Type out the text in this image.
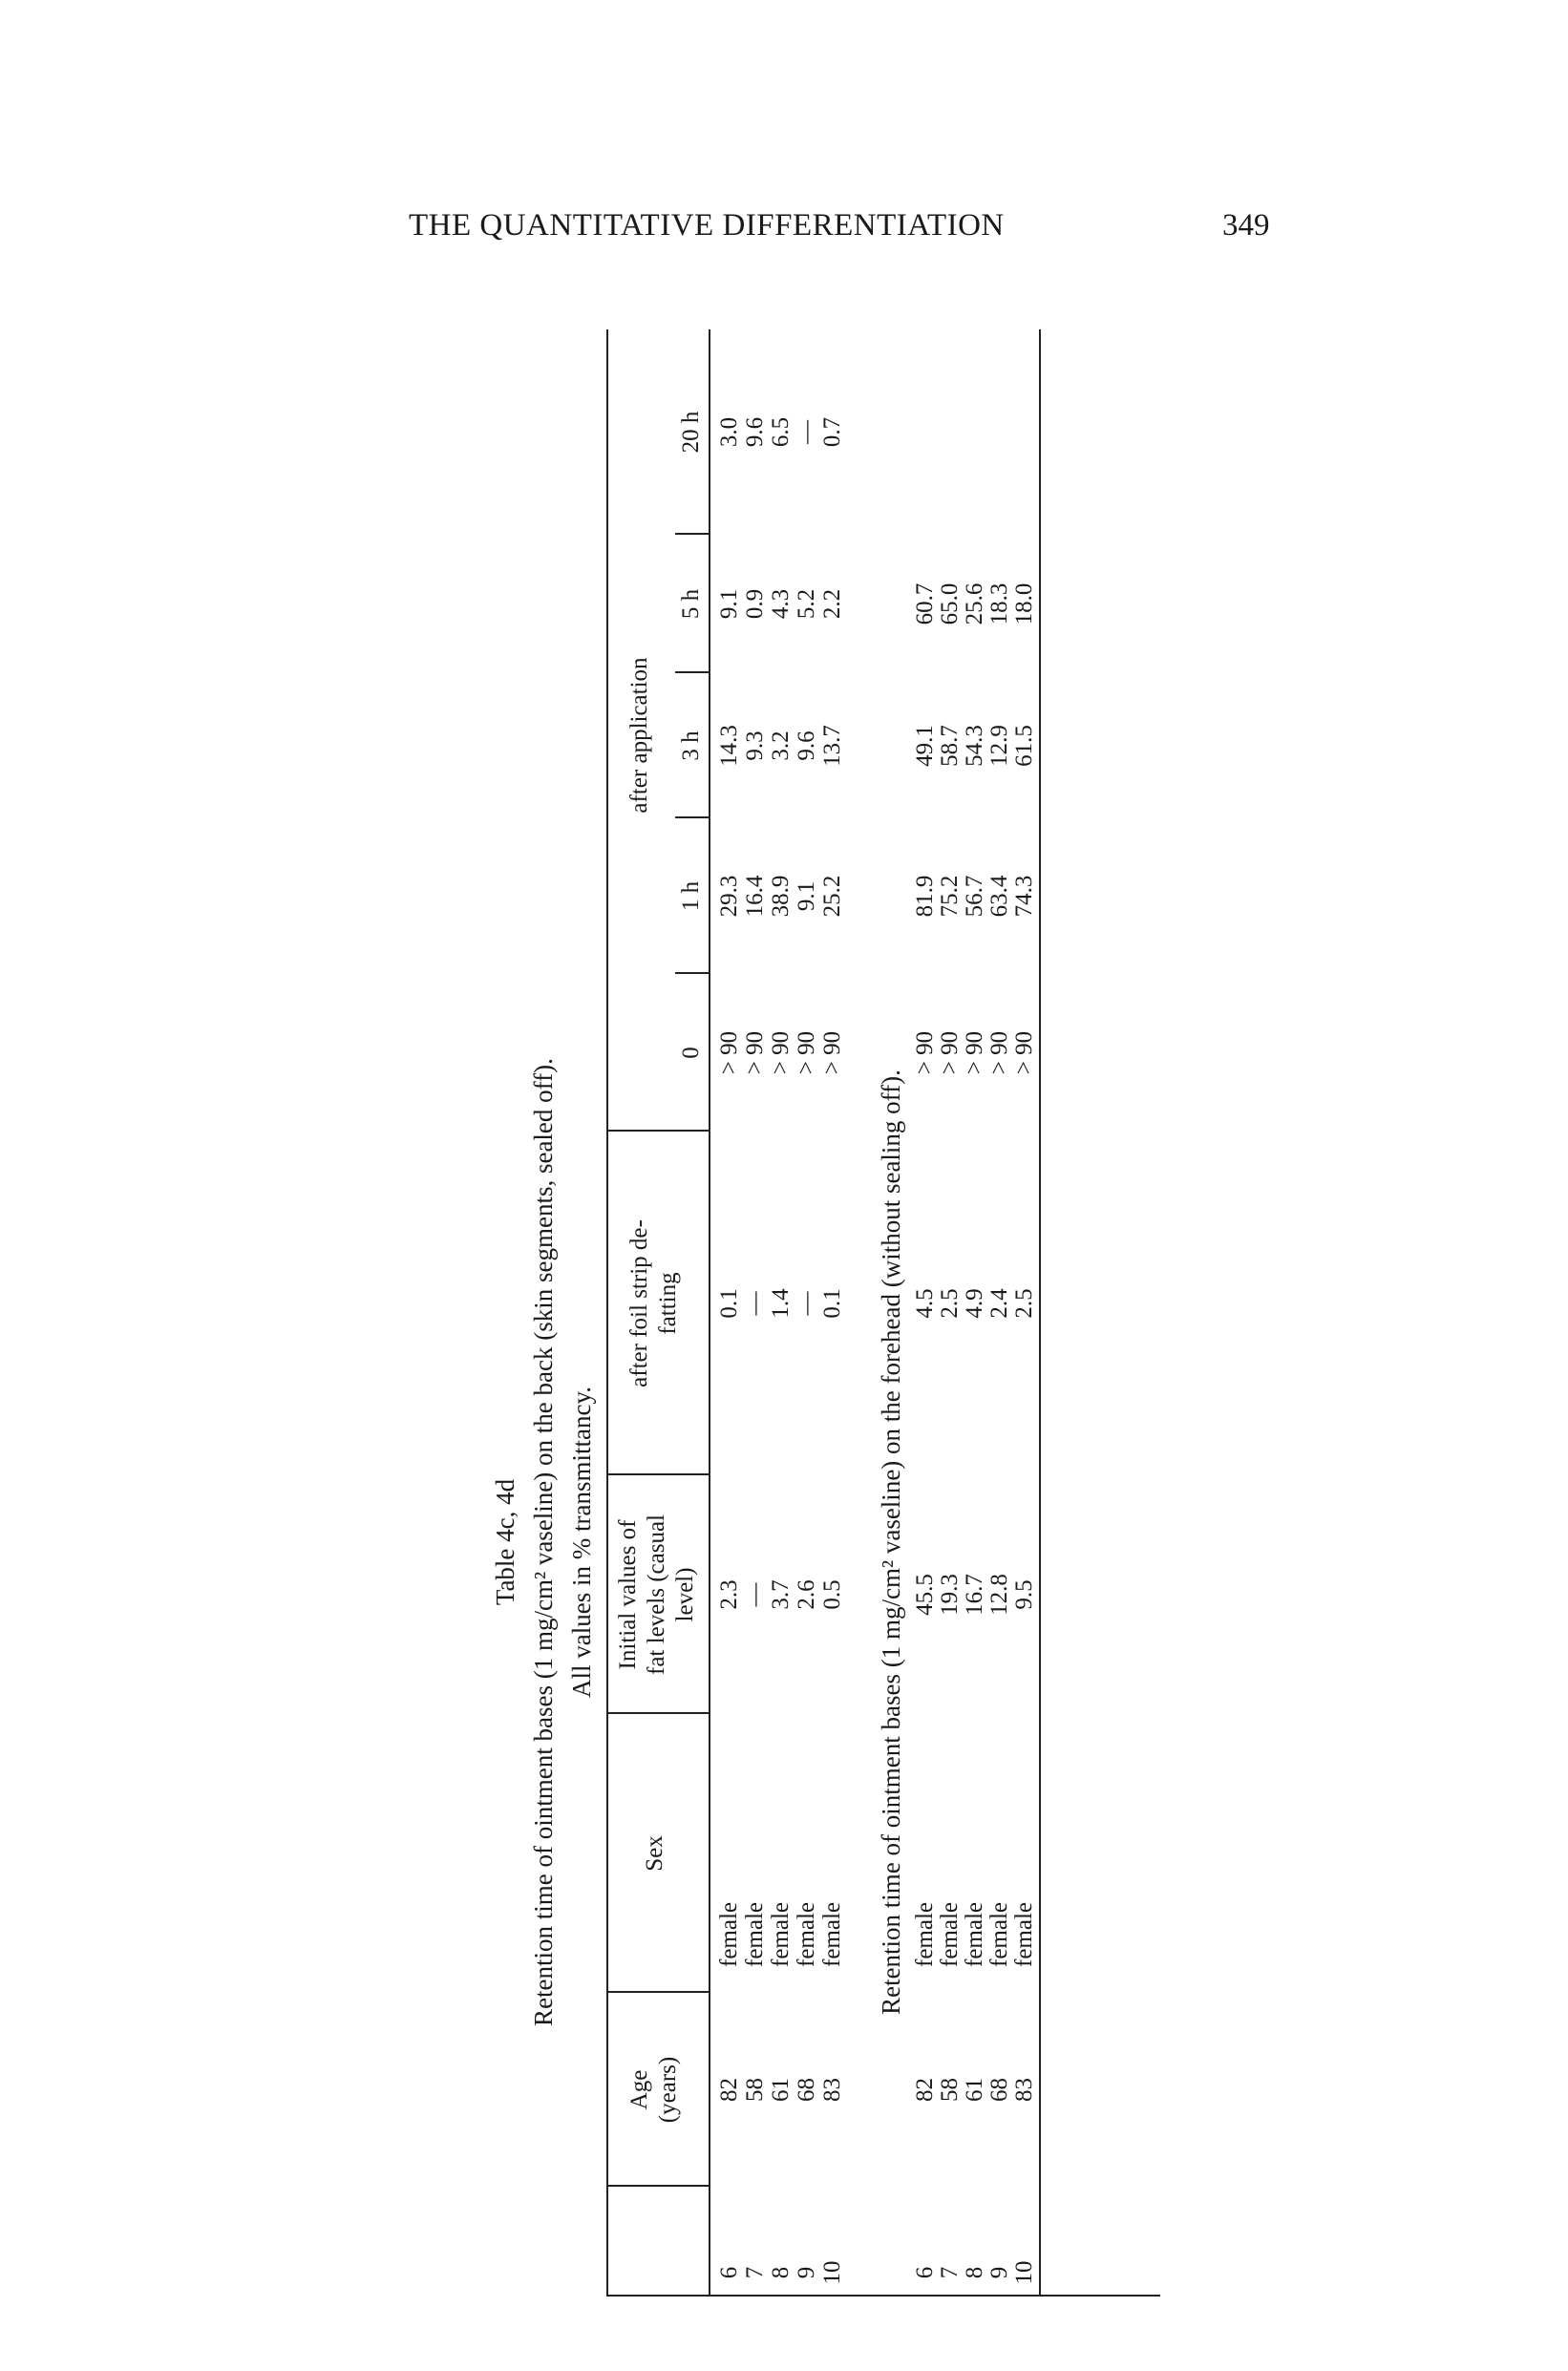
THE QUANTITATIVE DIFFERENTIATION	349
Table 4c, 4d Retention time of ointment bases (1 mg/cm² vaseline) on the back (skin segments, sealed off). All values in % transmittancy.
Age (years)
Sex
Initial values of fat levels (casual level)
after foil strip de- fatting
after application
0
1 h
3 h
5 h
20 h
6
82
female
2.3
0.1
> 90
29.3
14.3
9.1
3.0
7
58
female
—
—
> 90
16.4
9.3
0.9
9.6
8
61
female
3.7
1.4
> 90
38.9
3.2
4.3
6.5
9
68
female
2.6
—
> 90
9.1
9.6
5.2
—
10
83
female
0.5
0.1
> 90
25.2
13.7
2.2
0.7
Retention time of ointment bases (1 mg/cm² vaseline) on the forehead (without sealing off).
6
82
female
45.5
4.5
> 90
81.9
49.1
60.7
7
58
female
19.3
2.5
> 90
75.2
58.7
65.0
8
61
female
16.7
4.9
> 90
56.7
54.3
25.6
9
68
female
12.8
2.4
> 90
63.4
12.9
18.3
10
83
female
9.5
2.5
> 90
74.3
61.5
18.0
